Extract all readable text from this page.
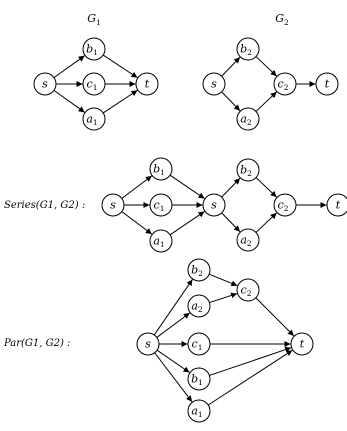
$G_1$	$G_2$
Series(G1, G2) :
Par(G1, G2) :
s
$b_1$
$c_1$
$a_1$
t	s
$b_2$
$a_2$
$c_2$	t
s
$b_1$
$c_1$
$a_1$
s
$b_2$
$a_2$
$c_2$	t
s
$b_2$
$a_2$
$c_2$
$c_1$
$b_1$
$a_1$
t
